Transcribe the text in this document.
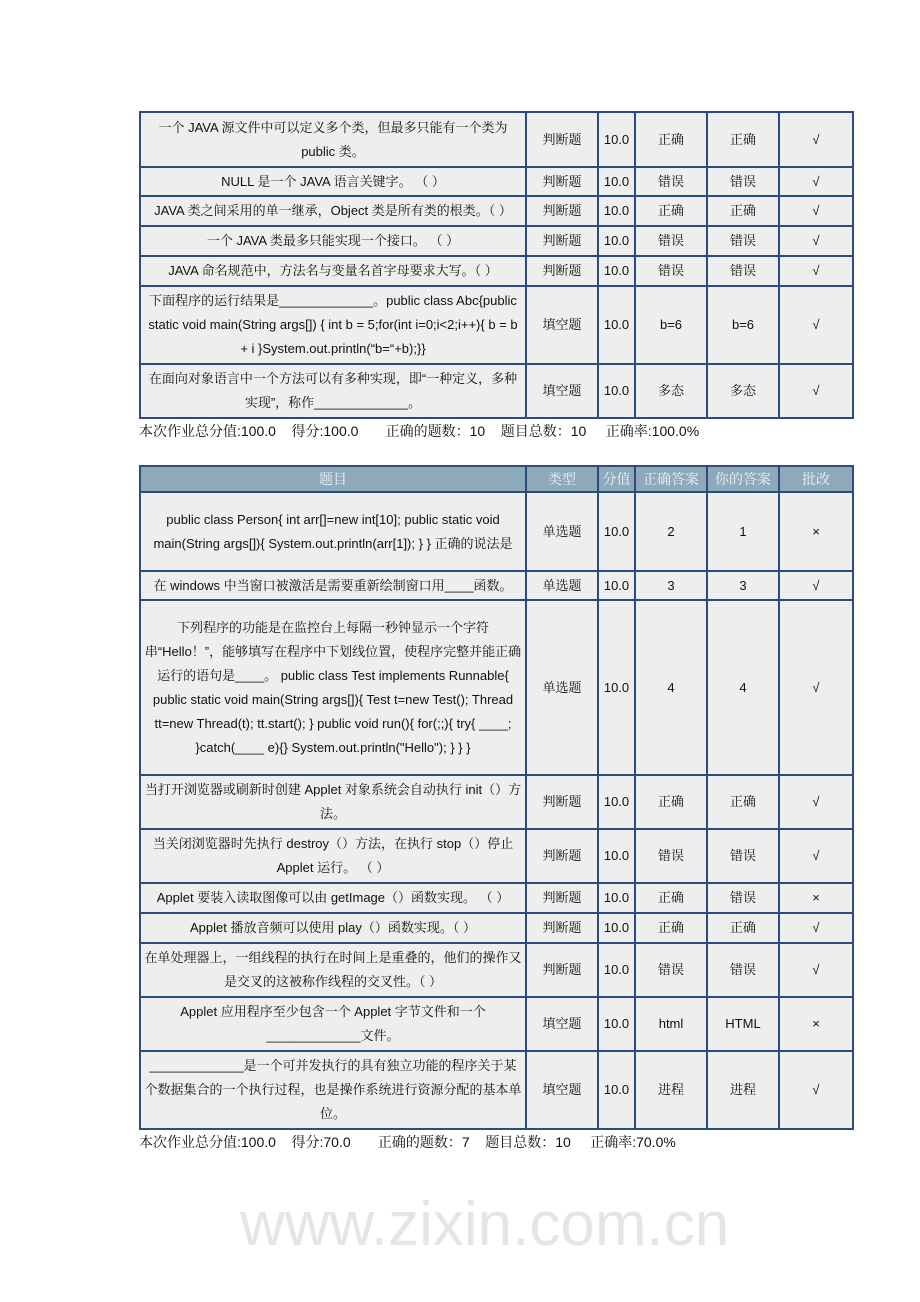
一个 JAVA 源文件中可以定义多个类，但最多只能有一个类为public 类。	判断题	10.0	正确	正确	√
NULL 是一个 JAVA 语言关键字。 （ ）	判断题	10.0	错误	错误	√
JAVA 类之间采用的单一继承，Object 类是所有类的根类。（ ）	判断题	10.0	正确	正确	√
一个 JAVA 类最多只能实现一个接口。 （ ）	判断题	10.0	错误	错误	√
JAVA 命名规范中，方法名与变量名首字母要求大写。（ ）	判断题	10.0	错误	错误	√
下面程序的运行结果是_____________。public class Abc{public static void main(String args[]) { int b = 5;for(int i=0;i<2;i++){ b = b + i }System.out.println(“b=“+b);}}	填空题	10.0	b=6	b=6	√
在面向对象语言中一个方法可以有多种实现，即“一种定义，多种实现”，称作_____________。	填空题	10.0	多态	多态	√
本次作业总分值:100.0    得分:100.0       正确的题数：10    题目总数：10     正确率:100.0%
题目	类型	分值	正确答案	你的答案	批改
public class Person{ int arr[]=new int[10]; public static void main(String args[]){ System.out.println(arr[1]); } } 正确的说法是	单选题	10.0	2	1	×
在 windows 中当窗口被激活是需要重新绘制窗口用____函数。	单选题	10.0	3	3	√
下列程序的功能是在监控台上每隔一秒钟显示一个字符串“Hello！”，能够填写在程序中下划线位置，使程序完整并能正确运行的语句是____。 public class Test implements Runnable{ public static void main(String args[]){ Test t=new Test(); Thread tt=new Thread(t); tt.start(); } public void run(){ for(;;){ try{ ____; }catch(____ e){} System.out.println("Hello"); } } }	单选题	10.0	4	4	√
当打开浏览器或刷新时创建 Applet 对象系统会自动执行 init（）方法。	判断题	10.0	正确	正确	√
当关闭浏览器时先执行 destroy（）方法，在执行 stop（）停止 Applet 运行。 （ ）	判断题	10.0	错误	错误	√
Applet 要装入读取图像可以由 getImage（）函数实现。 （ ）	判断题	10.0	正确	错误	×
Applet 播放音频可以使用 play（）函数实现。（ ）	判断题	10.0	正确	正确	√
在单处理器上，一组线程的执行在时间上是重叠的，他们的操作又是交叉的这被称作线程的交叉性。（ ）	判断题	10.0	错误	错误	√
Applet 应用程序至少包含一个 Applet 字节文件和一个_____________文件。	填空题	10.0	html	HTML	×
_____________是一个可并发执行的具有独立功能的程序关于某个数据集合的一个执行过程，也是操作系统进行资源分配的基本单位。	填空题	10.0	进程	进程	√
本次作业总分值:100.0    得分:70.0       正确的题数：7    题目总数：10     正确率:70.0%
www.zixin.com.cn
